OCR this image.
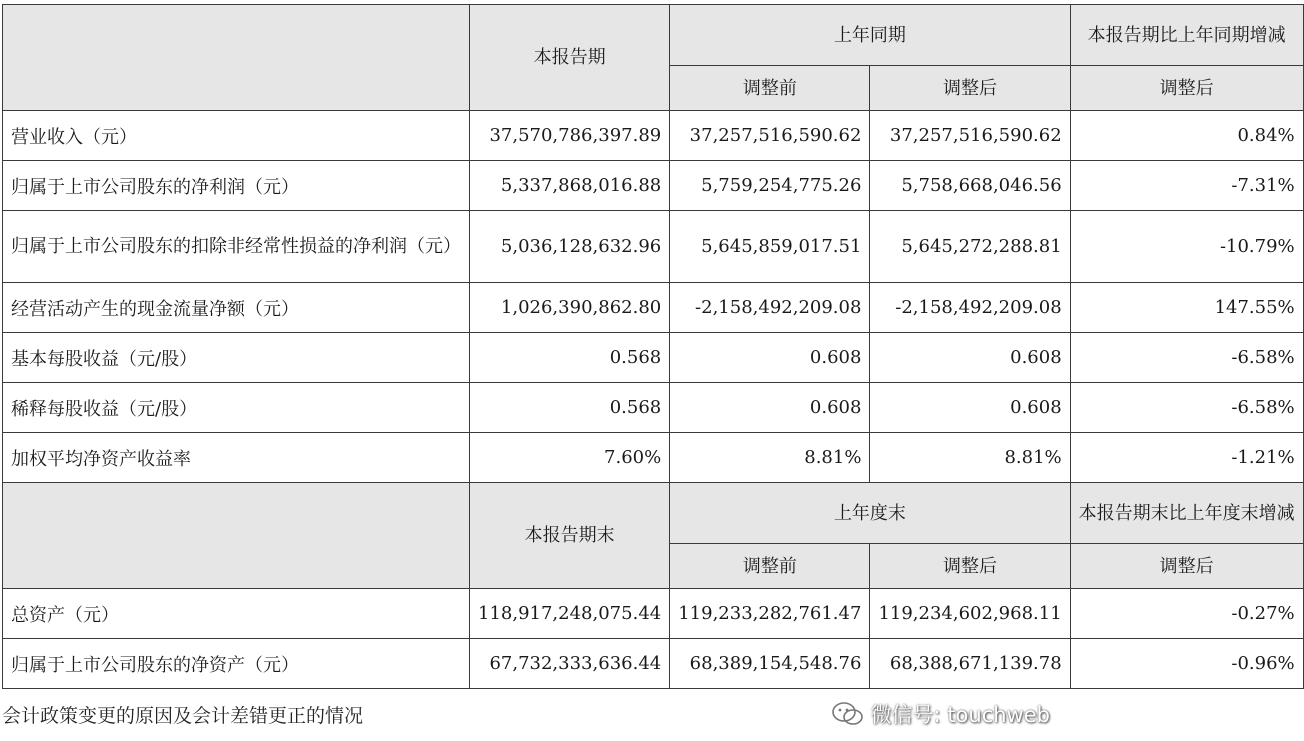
	本报告期	上年同期		本报告期比上年同期增减
		调整前	调整后	调整后
营业收入（元）	37,570,786,397.89	37,257,516,590.62	37,257,516,590.62	0.84%
归属于上市公司股东的净利润（元）	5,337,868,016.88	5,759,254,775.26	5,758,668,046.56	-7.31%
归属于上市公司股东的扣除非经常性损益的净利润（元）	5,036,128,632.96	5,645,859,017.51	5,645,272,288.81	-10.79%
经营活动产生的现金流量净额（元）	1,026,390,862.80	-2,158,492,209.08	-2,158,492,209.08	147.55%
基本每股收益（元/股）	0.568	0.608	0.608	-6.58%
稀释每股收益（元/股）	0.568	0.608	0.608	-6.58%
加权平均净资产收益率	7.60%	8.81%	8.81%	-1.21%
	本报告期末	上年度末		本报告期末比上年度末增减
		调整前	调整后	调整后
总资产（元）	118,917,248,075.44	119,233,282,761.47	119,234,602,968.11	-0.27%
归属于上市公司股东的净资产（元）	67,732,333,636.44	68,389,154,548.76	68,388,671,139.78	-0.96%
会计政策变更的原因及会计差错更正的情况	微信号: touchweb
